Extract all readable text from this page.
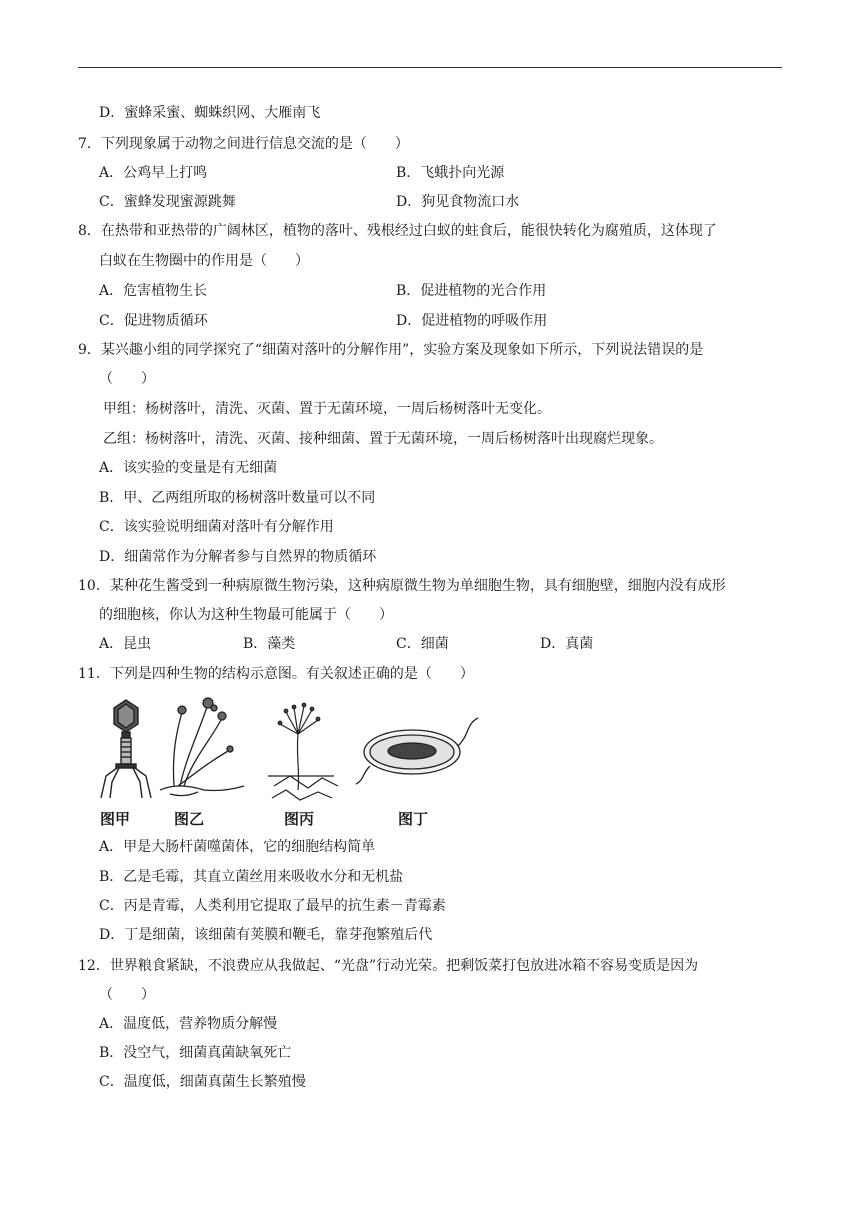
D．蜜蜂采蜜、蜘蛛织网、大雁南飞
7．下列现象属于动物之间进行信息交流的是（　　）
A．公鸡早上打鸣	B．飞蛾扑向光源
C．蜜蜂发现蜜源跳舞	D．狗见食物流口水
8．在热带和亚热带的广阔林区，植物的落叶、残根经过白蚁的蛀食后，能很快转化为腐殖质，这体现了
白蚁在生物圈中的作用是（　　）
A．危害植物生长	B．促进植物的光合作用
C．促进物质循环	D．促进植物的呼吸作用
9．某兴趣小组的同学探究了“细菌对落叶的分解作用”，实验方案及现象如下所示，下列说法错误的是
（　　）
甲组：杨树落叶，清洗、灭菌、置于无菌环境，一周后杨树落叶无变化。
乙组：杨树落叶，清洗、灭菌、接种细菌、置于无菌环境，一周后杨树落叶出现腐烂现象。
A．该实验的变量是有无细菌
B．甲、乙两组所取的杨树落叶数量可以不同
C．该实验说明细菌对落叶有分解作用
D．细菌常作为分解者参与自然界的物质循环
10．某种花生酱受到一种病原微生物污染，这种病原微生物为单细胞生物，具有细胞壁，细胞内没有成形
的细胞核，你认为这种生物最可能属于（　　）
A．昆虫	B．藻类	C．细菌	D．真菌
11．下列是四种生物的结构示意图。有关叙述正确的是（　　）
图甲	图乙	图丙	图丁
A．甲是大肠杆菌噬菌体，它的细胞结构简单
B．乙是毛霉，其直立菌丝用来吸收水分和无机盐
C．丙是青霉，人类利用它提取了最早的抗生素－青霉素
D．丁是细菌，该细菌有荚膜和鞭毛，靠芽孢繁殖后代
12．世界粮食紧缺，不浪费应从我做起、“光盘”行动光荣。把剩饭菜打包放进冰箱不容易变质是因为
（　　）
A．温度低，营养物质分解慢
B．没空气，细菌真菌缺氧死亡
C．温度低，细菌真菌生长繁殖慢
